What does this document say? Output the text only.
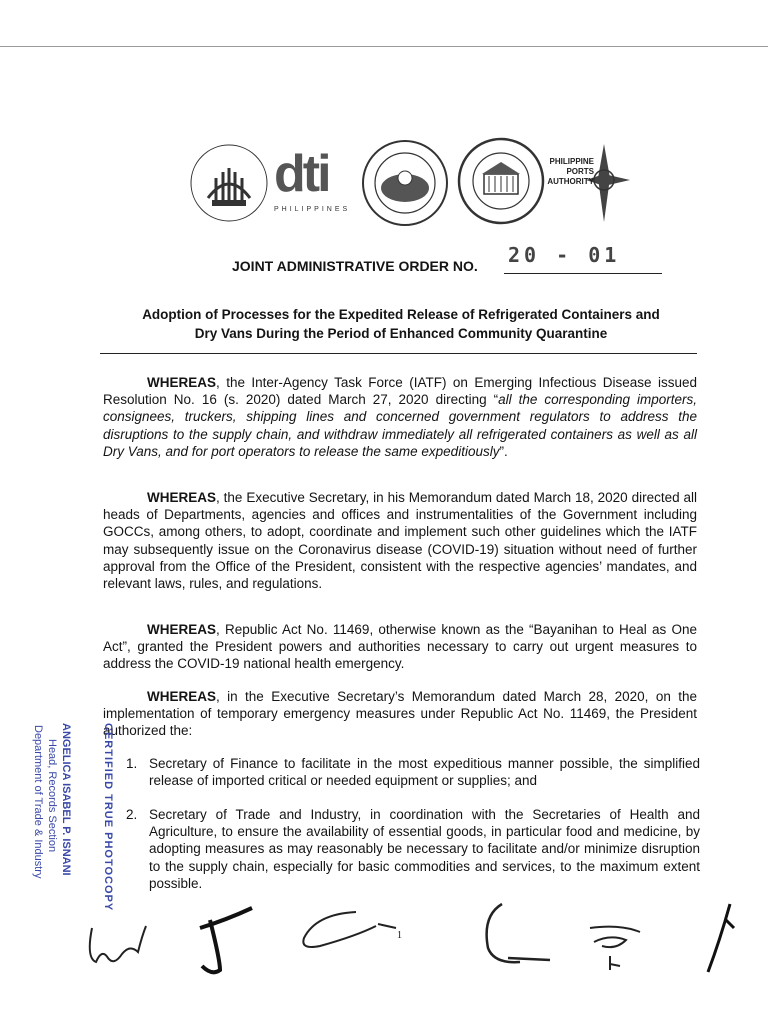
dti
PHILIPPINES
PHILIPPINE
PORTS
AUTHORITY
JOINT ADMINISTRATIVE ORDER NO. 20 - 01
Adoption of Processes for the Expedited Release of Refrigerated Containers and
Dry Vans During the Period of Enhanced Community Quarantine

WHEREAS, the Inter-Agency Task Force (IATF) on Emerging Infectious Disease issued Resolution No. 16 (s. 2020) dated March 27, 2020 directing “all the corresponding importers, consignees, truckers, shipping lines and concerned government regulators to address the disruptions to the supply chain, and withdraw immediately all refrigerated containers as well as all Dry Vans, and for port operators to release the same expeditiously”.

WHEREAS, the Executive Secretary, in his Memorandum dated March 18, 2020 directed all heads of Departments, agencies and offices and instrumentalities of the Government including GOCCs, among others, to adopt, coordinate and implement such other guidelines which the IATF may subsequently issue on the Coronavirus disease (COVID-19) situation without need of further approval from the Office of the President, consistent with the respective agencies’ mandates, and relevant laws, rules, and regulations.

WHEREAS, Republic Act No. 11469, otherwise known as the “Bayanihan to Heal as One Act”, granted the President powers and authorities necessary to carry out urgent measures to address the COVID-19 national health emergency.

WHEREAS, in the Executive Secretary’s Memorandum dated March 28, 2020, on the implementation of temporary emergency measures under Republic Act No. 11469, the President authorized the:

1. Secretary of Finance to facilitate in the most expeditious manner possible, the simplified release of imported critical or needed equipment or supplies; and
2. Secretary of Trade and Industry, in coordination with the Secretaries of Health and Agriculture, to ensure the availability of essential goods, in particular food and medicine, by adopting measures as may reasonably be necessary to facilitate and/or minimize disruption to the supply chain, especially for basic commodities and services, to the maximum extent possible.
CERTIFIED TRUE PHOTOCOPY
ANGELICA ISABEL P. ISNANI
Head, Records Section
Department of Trade & Industry
1
